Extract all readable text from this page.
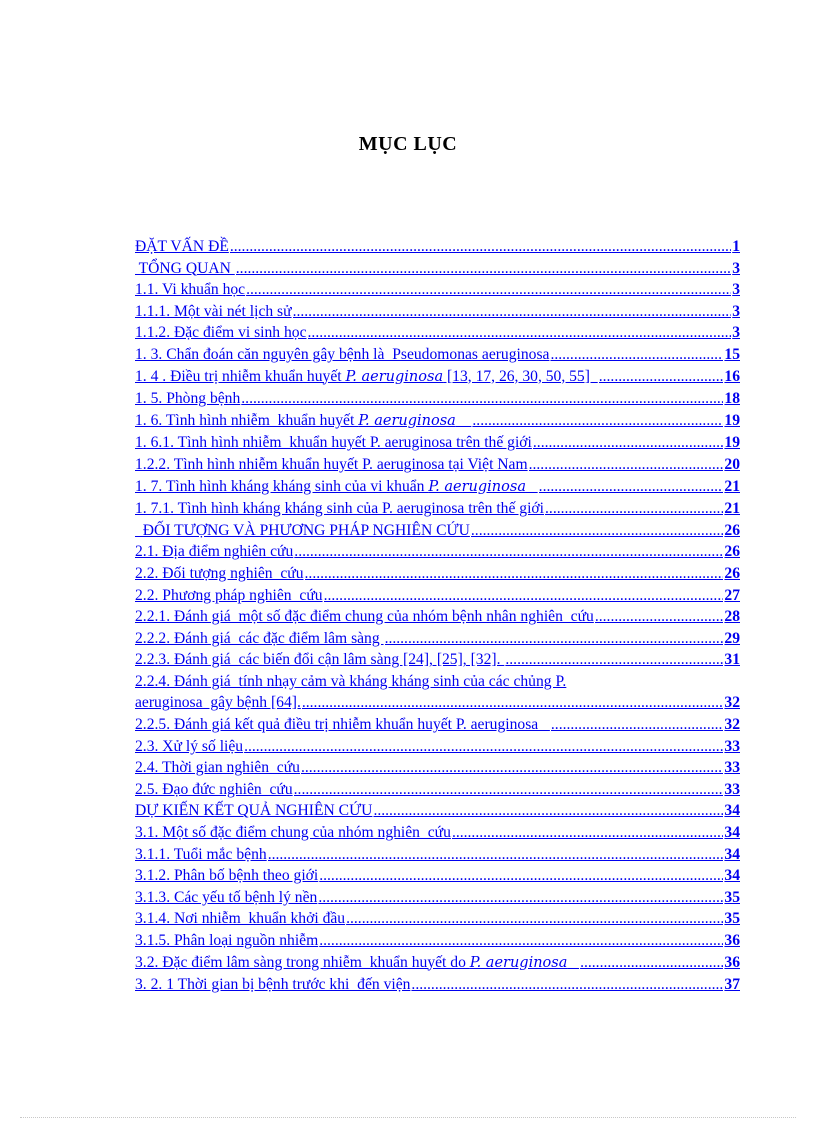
MỤC LỤC
ĐẶT VẤN ĐỀ .....	1
TỔNG QUAN .....	3
1.1. Vi khuẩn học .....	3
1.1.1. Một vài nét lịch sử .....	3
1.1.2. Đặc điểm vi sinh học .....	3
1. 3. Chẩn đoán căn nguyên gây bệnh là  Pseudomonas aeruginosa .....	15
1. 4 . Điều trị nhiễm khuẩn huyết P. aeruginosa [13, 17, 26, 30, 50, 55] .....	16
1. 5. Phòng bệnh .....	18
1. 6. Tình hình nhiễm  khuẩn huyết P. aeruginosa .....	19
1. 6.1. Tình hình nhiễm  khuẩn huyết P. aeruginosa trên thế giới .....	19
1.2.2. Tình hình nhiễm khuẩn huyết P. aeruginosa tại Việt Nam .....	20
1. 7. Tình hình kháng kháng sinh của vi khuẩn P. aeruginosa .....	21
1. 7.1. Tình hình kháng kháng sinh của P. aeruginosa trên thế giới .....	21
ĐỐI TƯỢNG VÀ PHƯƠNG PHÁP NGHIÊN CỨU .....	26
2.1. Địa điểm nghiên cứu .....	26
2.2. Đối tượng nghiên  cứu .....	26
2.2. Phương pháp nghiên  cứu .....	27
2.2.1. Đánh giá  một số đặc điểm chung của nhóm bệnh nhân nghiên  cứu .....	28
2.2.2. Đánh giá  các đặc điểm lâm sàng .....	29
2.2.3. Đánh giá  các biến đổi cận lâm sàng [24], [25], [32]. .....	31
2.2.4. Đánh giá  tính nhạy cảm và kháng kháng sinh của các chủng P.
aeruginosa  gây bệnh [64]. .....	32
2.2.5. Đánh giá kết quả điều trị nhiễm khuẩn huyết P. aeruginosa .....	32
2.3. Xử lý số liệu .....	33
2.4. Thời gian nghiên  cứu .....	33
2.5. Đạo đức nghiên  cứu .....	33
DỰ KIẾN KẾT QUẢ NGHIÊN CỨU .....	34
3.1. Một số đặc điểm chung của nhóm nghiên  cứu .....	34
3.1.1. Tuổi mắc bệnh .....	34
3.1.2. Phân bố bệnh theo giới .....	34
3.1.3. Các yếu tố bệnh lý nền .....	35
3.1.4. Nơi nhiễm  khuẩn khởi đầu .....	35
3.1.5. Phân loại nguồn nhiễm .....	36
3.2. Đặc điểm lâm sàng trong nhiễm  khuẩn huyết do P. aeruginosa .....	36
3. 2. 1 Thời gian bị bệnh trước khi  đến viện .....	37
